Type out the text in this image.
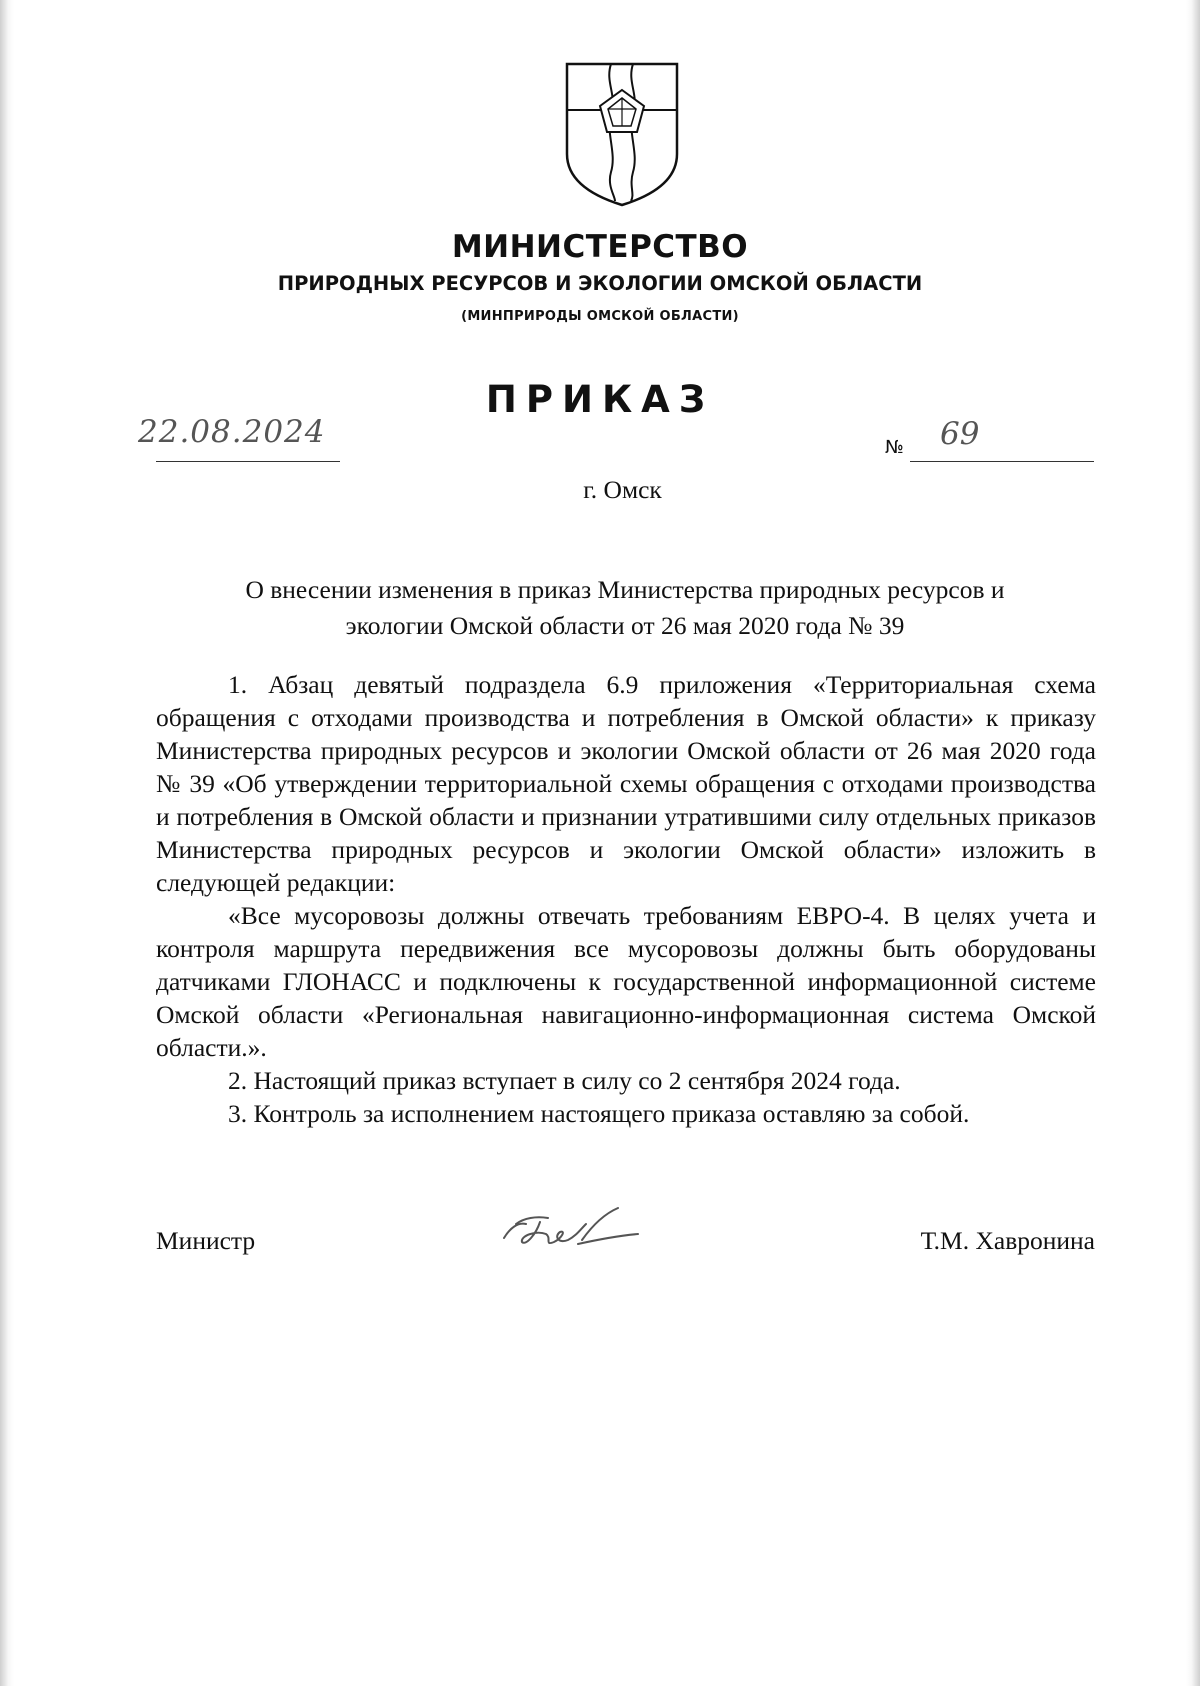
МИНИСТЕРСТВО
ПРИРОДНЫХ РЕСУРСОВ И ЭКОЛОГИИ ОМСКОЙ ОБЛАСТИ
(МИНПРИРОДЫ ОМСКОЙ ОБЛАСТИ)
ПРИКАЗ
22.08.2024	№ 69
г. Омск
О внесении изменения в приказ Министерства природных ресурсов и
экологии Омской области от 26 мая 2020 года № 39

1. Абзац девятый подраздела 6.9 приложения «Территориальная схема обращения с отходами производства и потребления в Омской области» к приказу Министерства природных ресурсов и экологии Омской области от 26 мая 2020 года № 39 «Об утверждении территориальной схемы обращения с отходами производства и потребления в Омской области и признании утратившими силу отдельных приказов Министерства природных ресурсов и экологии Омской области» изложить в следующей редакции:

«Все мусоровозы должны отвечать требованиям ЕВРО-4. В целях учета и контроля маршрута передвижения все мусоровозы должны быть оборудованы датчиками ГЛОНАСС и подключены к государственной информационной системе Омской области «Региональная навигационно-информационная система Омской области.».

2. Настоящий приказ вступает в силу со 2 сентября 2024 года.

3. Контроль за исполнением настоящего приказа оставляю за собой.

Министр	Т.М. Хавронина
